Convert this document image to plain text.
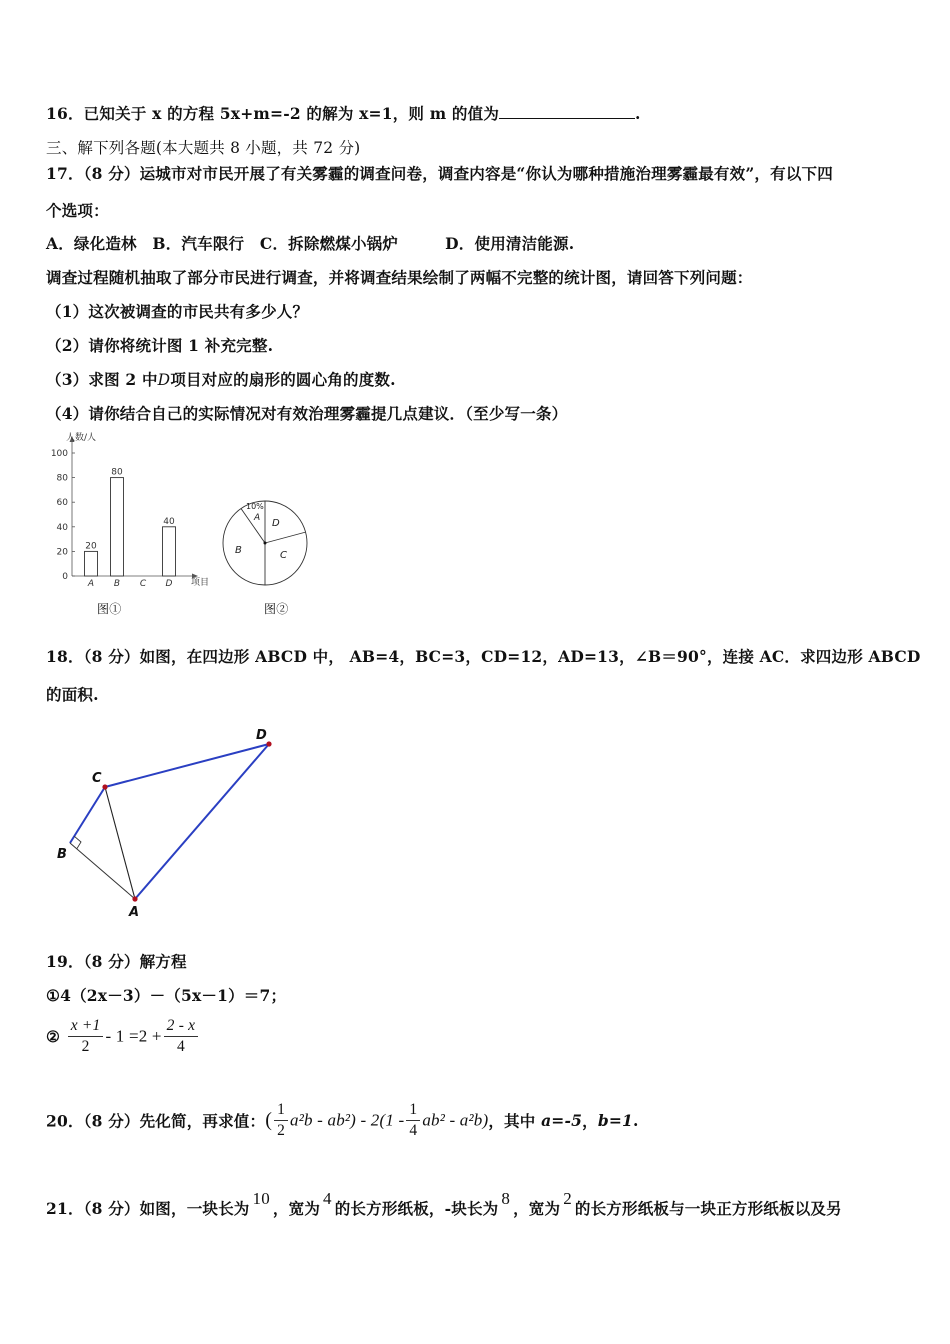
16．已知关于 x 的方程 5x+m=-2 的解为 x=1，则 m 的值为	.
三、解下列各题(本大题共 8 小题，共 72 分)
17．（8 分）运城市对市民开展了有关雾霾的调查问卷，调查内容是“你认为哪种措施治理雾霾最有效”，有以下四
个选项：
A．绿化造林　B．汽车限行　C．拆除燃煤小锅炉　　　D．使用清洁能源.
调查过程随机抽取了部分市民进行调查，并将调查结果绘制了两幅不完整的统计图，请回答下列问题：
（1）这次被调查的市民共有多少人？
（2）请你将统计图 1 补充完整.
（3）求图 2 中D项目对应的扇形的圆心角的度数.
（4）请你结合自己的实际情况对有效治理雾霾提几点建议．（至少写一条）
人数/人
项目
0
20
40
60
80
100
A B C D
20
80
40
图①
10%
A
B	C
D
图②
18．（8 分）如图，在四边形 ABCD 中， AB=4，BC=3，CD=12，AD=13，∠B＝90°，连接 AC．求四边形 ABCD
的面积.
C
D
B
A
19．（8 分）解方程
①4（2x－3）－（5x－1）＝7；
② $\frac{x +1}{2} - 1 =2 + \frac{2 - x}{4}$
20．（8 分）先化简，再求值：( $\frac{1}{2} a^2b - ab^2) - 2(1 - \frac{1}{4} ab^2 - a^2b)$，其中 a=-5，b=1.
21．（8 分）如图，一块长为10，宽为4的长方形纸板，-块长为8，宽为2的长方形纸板与一块正方形纸板以及另
